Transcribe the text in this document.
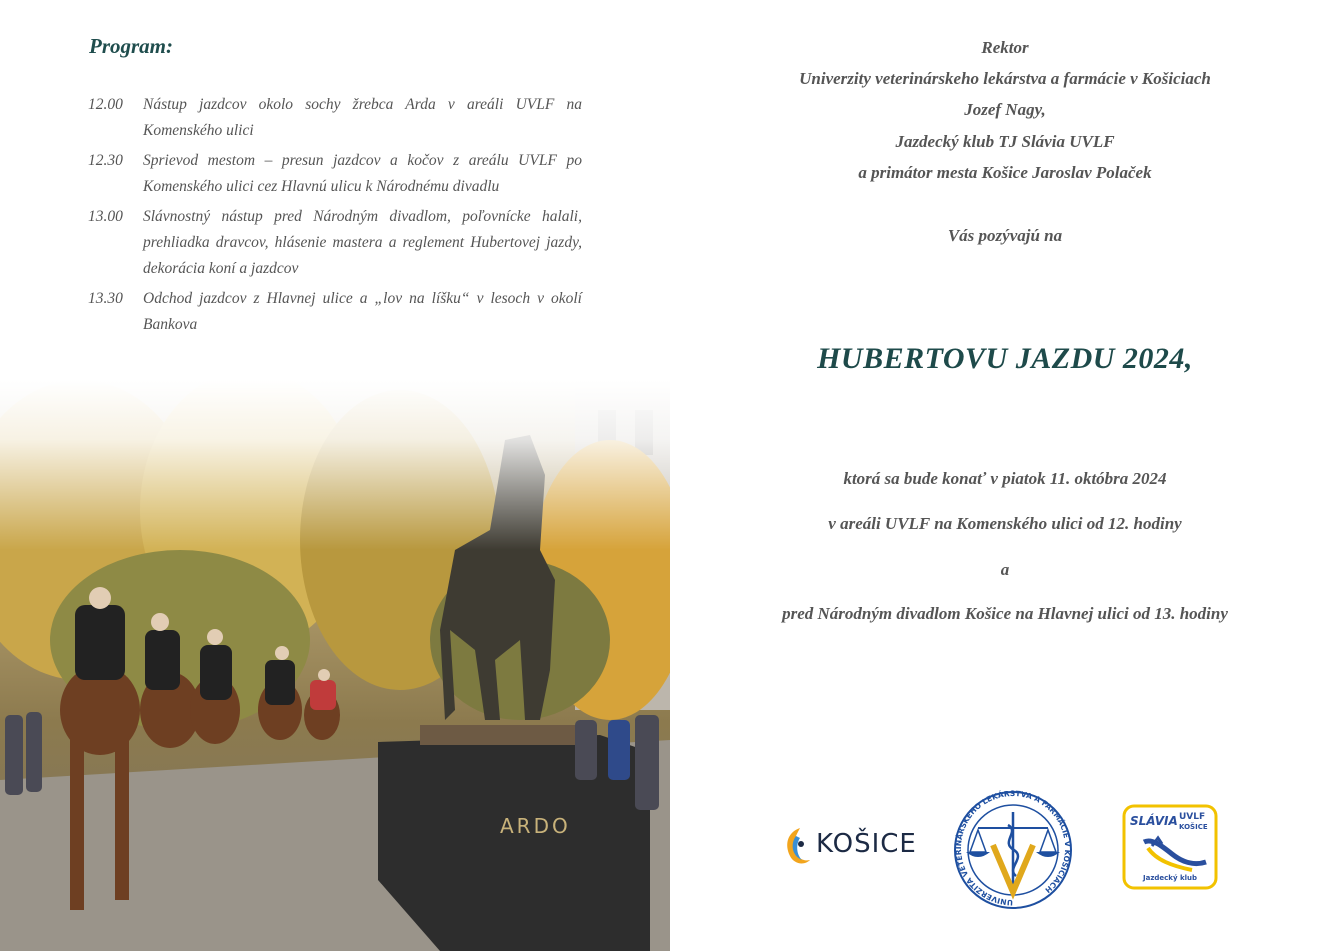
Program:
12.00	Nástup jazdcov okolo sochy žrebca Arda v areáli UVLF na Komenského ulici
12.30	Sprievod mestom – presun jazdcov a kočov z areálu UVLF po Komenského ulici cez Hlavnú ulicu k Národnému divadlu
13.00	Slávnostný nástup pred Národným divadlom, poľovnícke halali, prehliadka dravcov, hlásenie mastera a reglement Hubertovej jazdy, dekorácia koní a jazdcov
13.30	Odchod jazdcov z Hlavnej ulice a „lov na líšku“ v lesoch v okolí Bankova
ARDO
Rektor
Univerzity veterinárskeho lekárstva a farmácie v Košiciach
Jozef Nagy,
Jazdecký klub TJ Slávia UVLF
a primátor mesta Košice Jaroslav Polaček
Vás pozývajú na
HUBERTOVU JAZDU 2024,
ktorá sa bude konať v piatok 11. októbra 2024
v areáli UVLF na Komenského ulici od 12. hodiny
a
pred Národným divadlom Košice na Hlavnej ulici od 13. hodiny
KOŠICE
UNIVERZITA VETERINÁRSKEHO LEKÁRSTVA A FARMÁCIE V KOŠICIACH
SLÁVIA UVLF
KOŠICE
Jazdecký klub
